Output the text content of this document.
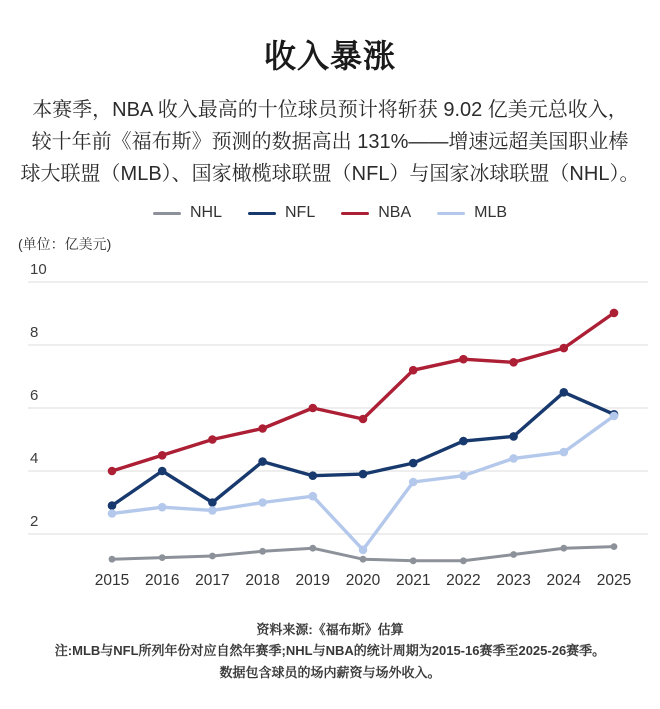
收入暴涨
本赛季，NBA 收入最高的十位球员预计将斩获 9.02 亿美元总收入，
较十年前《福布斯》预测的数据高出 131%——增速远超美国职业棒
球大联盟（MLB）、国家橄榄球联盟（NFL）与国家冰球联盟（NHL）。
NHL	NFL	NBA	MLB
(单位：亿美元)
10
8
6
4
2
2015 2016 2017 2018 2019 2020 2021 2022 2023 2024 2025
资料来源:《福布斯》估算
注:MLB与NFL所列年份对应自然年赛季;NHL与NBA的统计周期为2015-16赛季至2025-26赛季。
数据包含球员的场内薪资与场外收入。
